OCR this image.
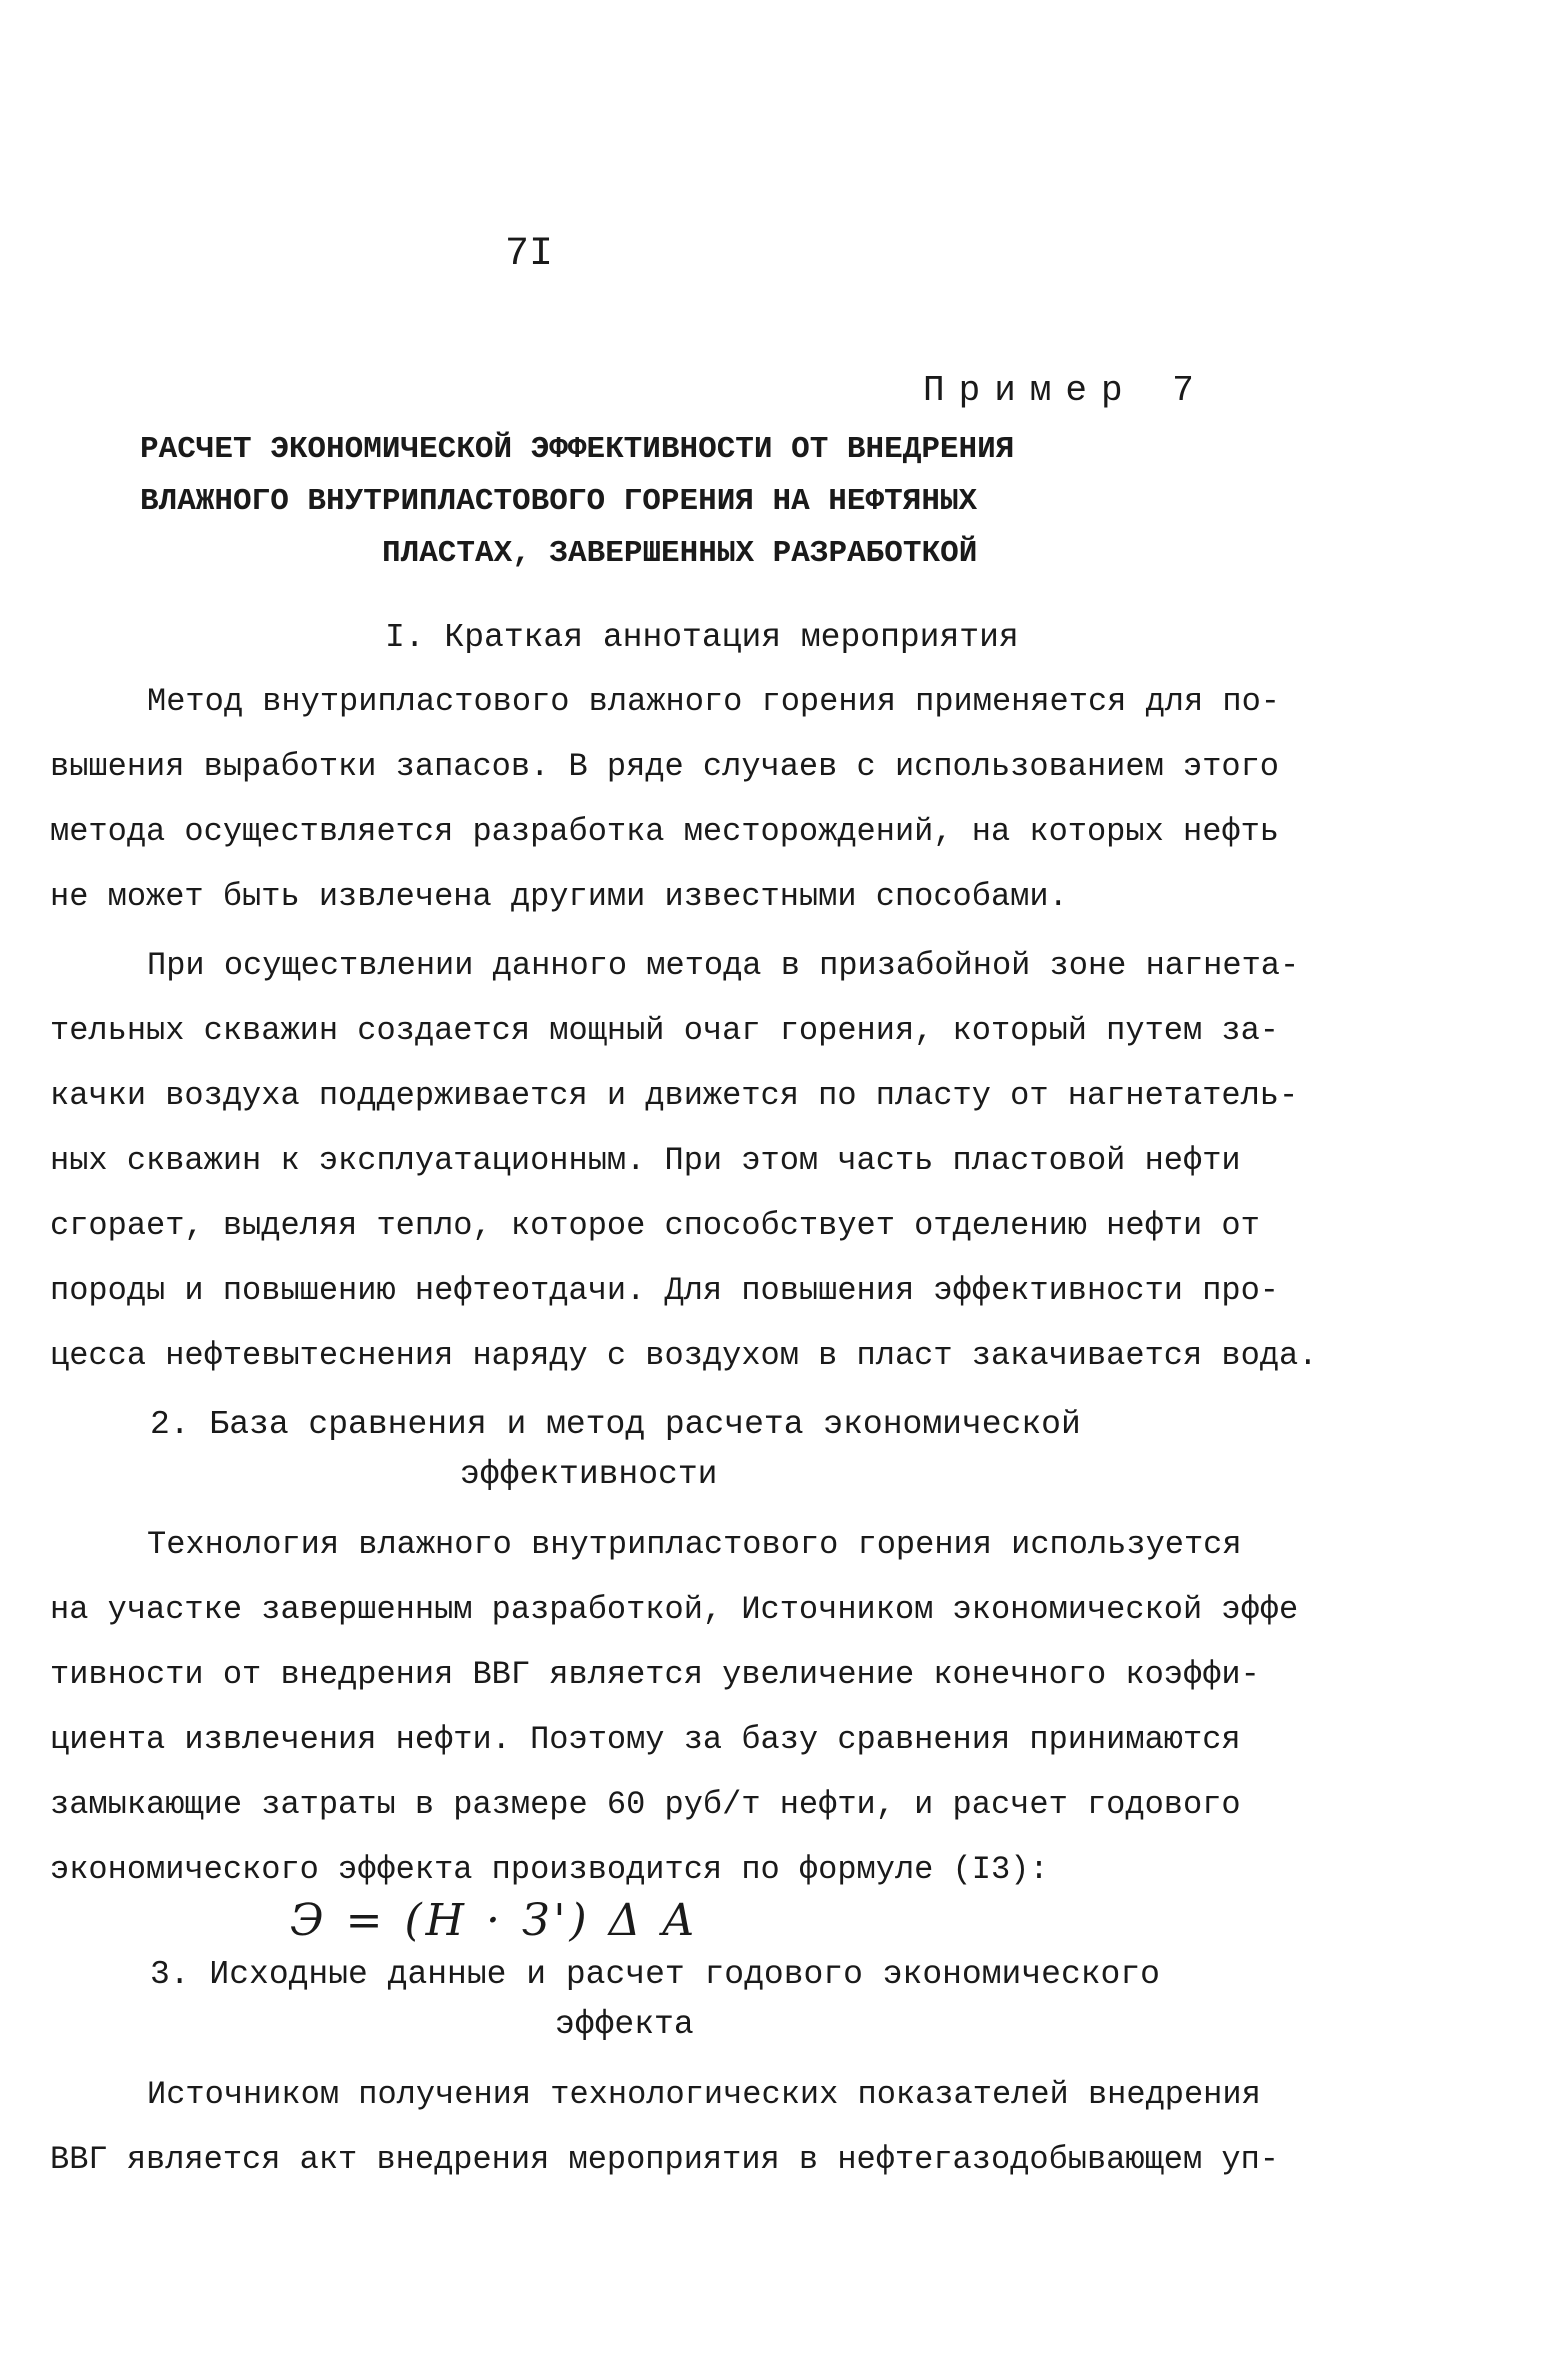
7I
Пример 7
РАСЧЕТ ЭКОНОМИЧЕСКОЙ ЭФФЕКТИВНОСТИ ОТ ВНЕДРЕНИЯ
ВЛАЖНОГО ВНУТРИПЛАСТОВОГО ГОРЕНИЯ НА НЕФТЯНЫХ
ПЛАСТАХ, ЗАВЕРШЕННЫХ РАЗРАБОТКОЙ
I. Краткая аннотация мероприятия
Метод внутрипластового влажного горения применяется для по-
вышения выработки запасов. В ряде случаев с использованием этого
метода осуществляется разработка месторождений, на которых нефть
не может быть извлечена другими известными способами.
При осуществлении данного метода в призабойной зоне нагнета-
тельных скважин создается мощный очаг горения, который путем за-
качки воздуха поддерживается и движется по пласту от нагнетатель-
ных скважин к эксплуатационным. При этом часть пластовой нефти
сгорает, выделяя тепло, которое способствует отделению нефти от
породы и повышению нефтеотдачи. Для повышения эффективности про-
цесса нефтевытеснения наряду с воздухом в пласт закачивается вода.
2. База сравнения и метод расчета экономической
эффективности
Технология влажного внутрипластового горения используется
на участке завершенным разработкой, Источником экономической эффе
тивности от внедрения ВВГ является увеличение конечного коэффи-
циента извлечения нефти. Поэтому за базу сравнения принимаются
замыкающие затраты в размере 60 руб/т нефти, и расчет годового
экономического эффекта производится по формуле (I3):
Э = (Н · З') Δ A
3. Исходные данные и расчет годового экономического
эффекта
Источником получения технологических показателей внедрения
ВВГ является акт внедрения мероприятия в нефтегазодобывающем уп-
